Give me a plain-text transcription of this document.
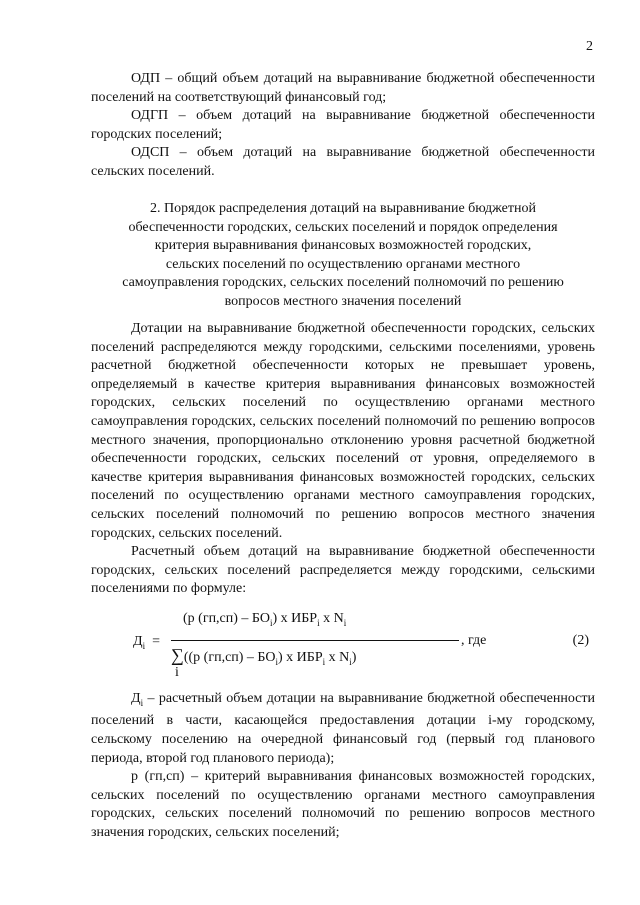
2

ОДП – общий объем дотаций на выравнивание бюджетной обеспеченности поселений на соответствующий финансовый год;

ОДГП – объем дотаций на выравнивание бюджетной обеспеченности городских поселений;

ОДСП – объем дотаций на выравнивание бюджетной обеспеченности сельских поселений.

2. Порядок распределения дотаций на выравнивание бюджетной

обеспеченности городских, сельских поселений и порядок определения

критерия выравнивания финансовых возможностей городских,

сельских поселений по осуществлению органами местного

самоуправления городских, сельских поселений полномочий по решению

вопросов местного значения поселений

Дотации на выравнивание бюджетной обеспеченности городских, сельских поселений распределяются между городскими, сельскими поселениями, уровень расчетной бюджетной обеспеченности которых не превышает уровень, определяемый в качестве критерия выравнивания финансовых возможностей городских, сельских поселений по осуществлению органами местного самоуправления городских, сельских поселений полномочий по решению вопросов местного значения, пропорционально отклонению уровня расчетной бюджетной обеспеченности городских, сельских поселений от уровня, определяемого в качестве критерия выравнивания финансовых возможностей городских, сельских поселений по осуществлению органами местного самоуправления городских, сельских поселений полномочий по решению вопросов местного значения городских, сельских поселений.

Расчетный объем дотаций на выравнивание бюджетной обеспеченности городских, сельских поселений распределяется между городскими, сельскими поселениями по формуле:

$Д_i$ =
(p $(гп,сп) - БО_i$) х $ИБР_i$ х $N_i$
∑((p $(гп,сп) - БО_i$) х $ИБР_i$ х $N_i$)
i
, где	(2)

$Д_i$ – расчетный объем дотации на выравнивание бюджетной обеспеченности поселений в части, касающейся предоставления дотации i-му городскому, сельскому поселению на очередной финансовый год (первый год планового периода, второй год планового периода);

p (гп,сп) – критерий выравнивания финансовых возможностей городских, сельских поселений по осуществлению органами местного самоуправления городских, сельских поселений полномочий по решению вопросов местного значения городских, сельских поселений;
